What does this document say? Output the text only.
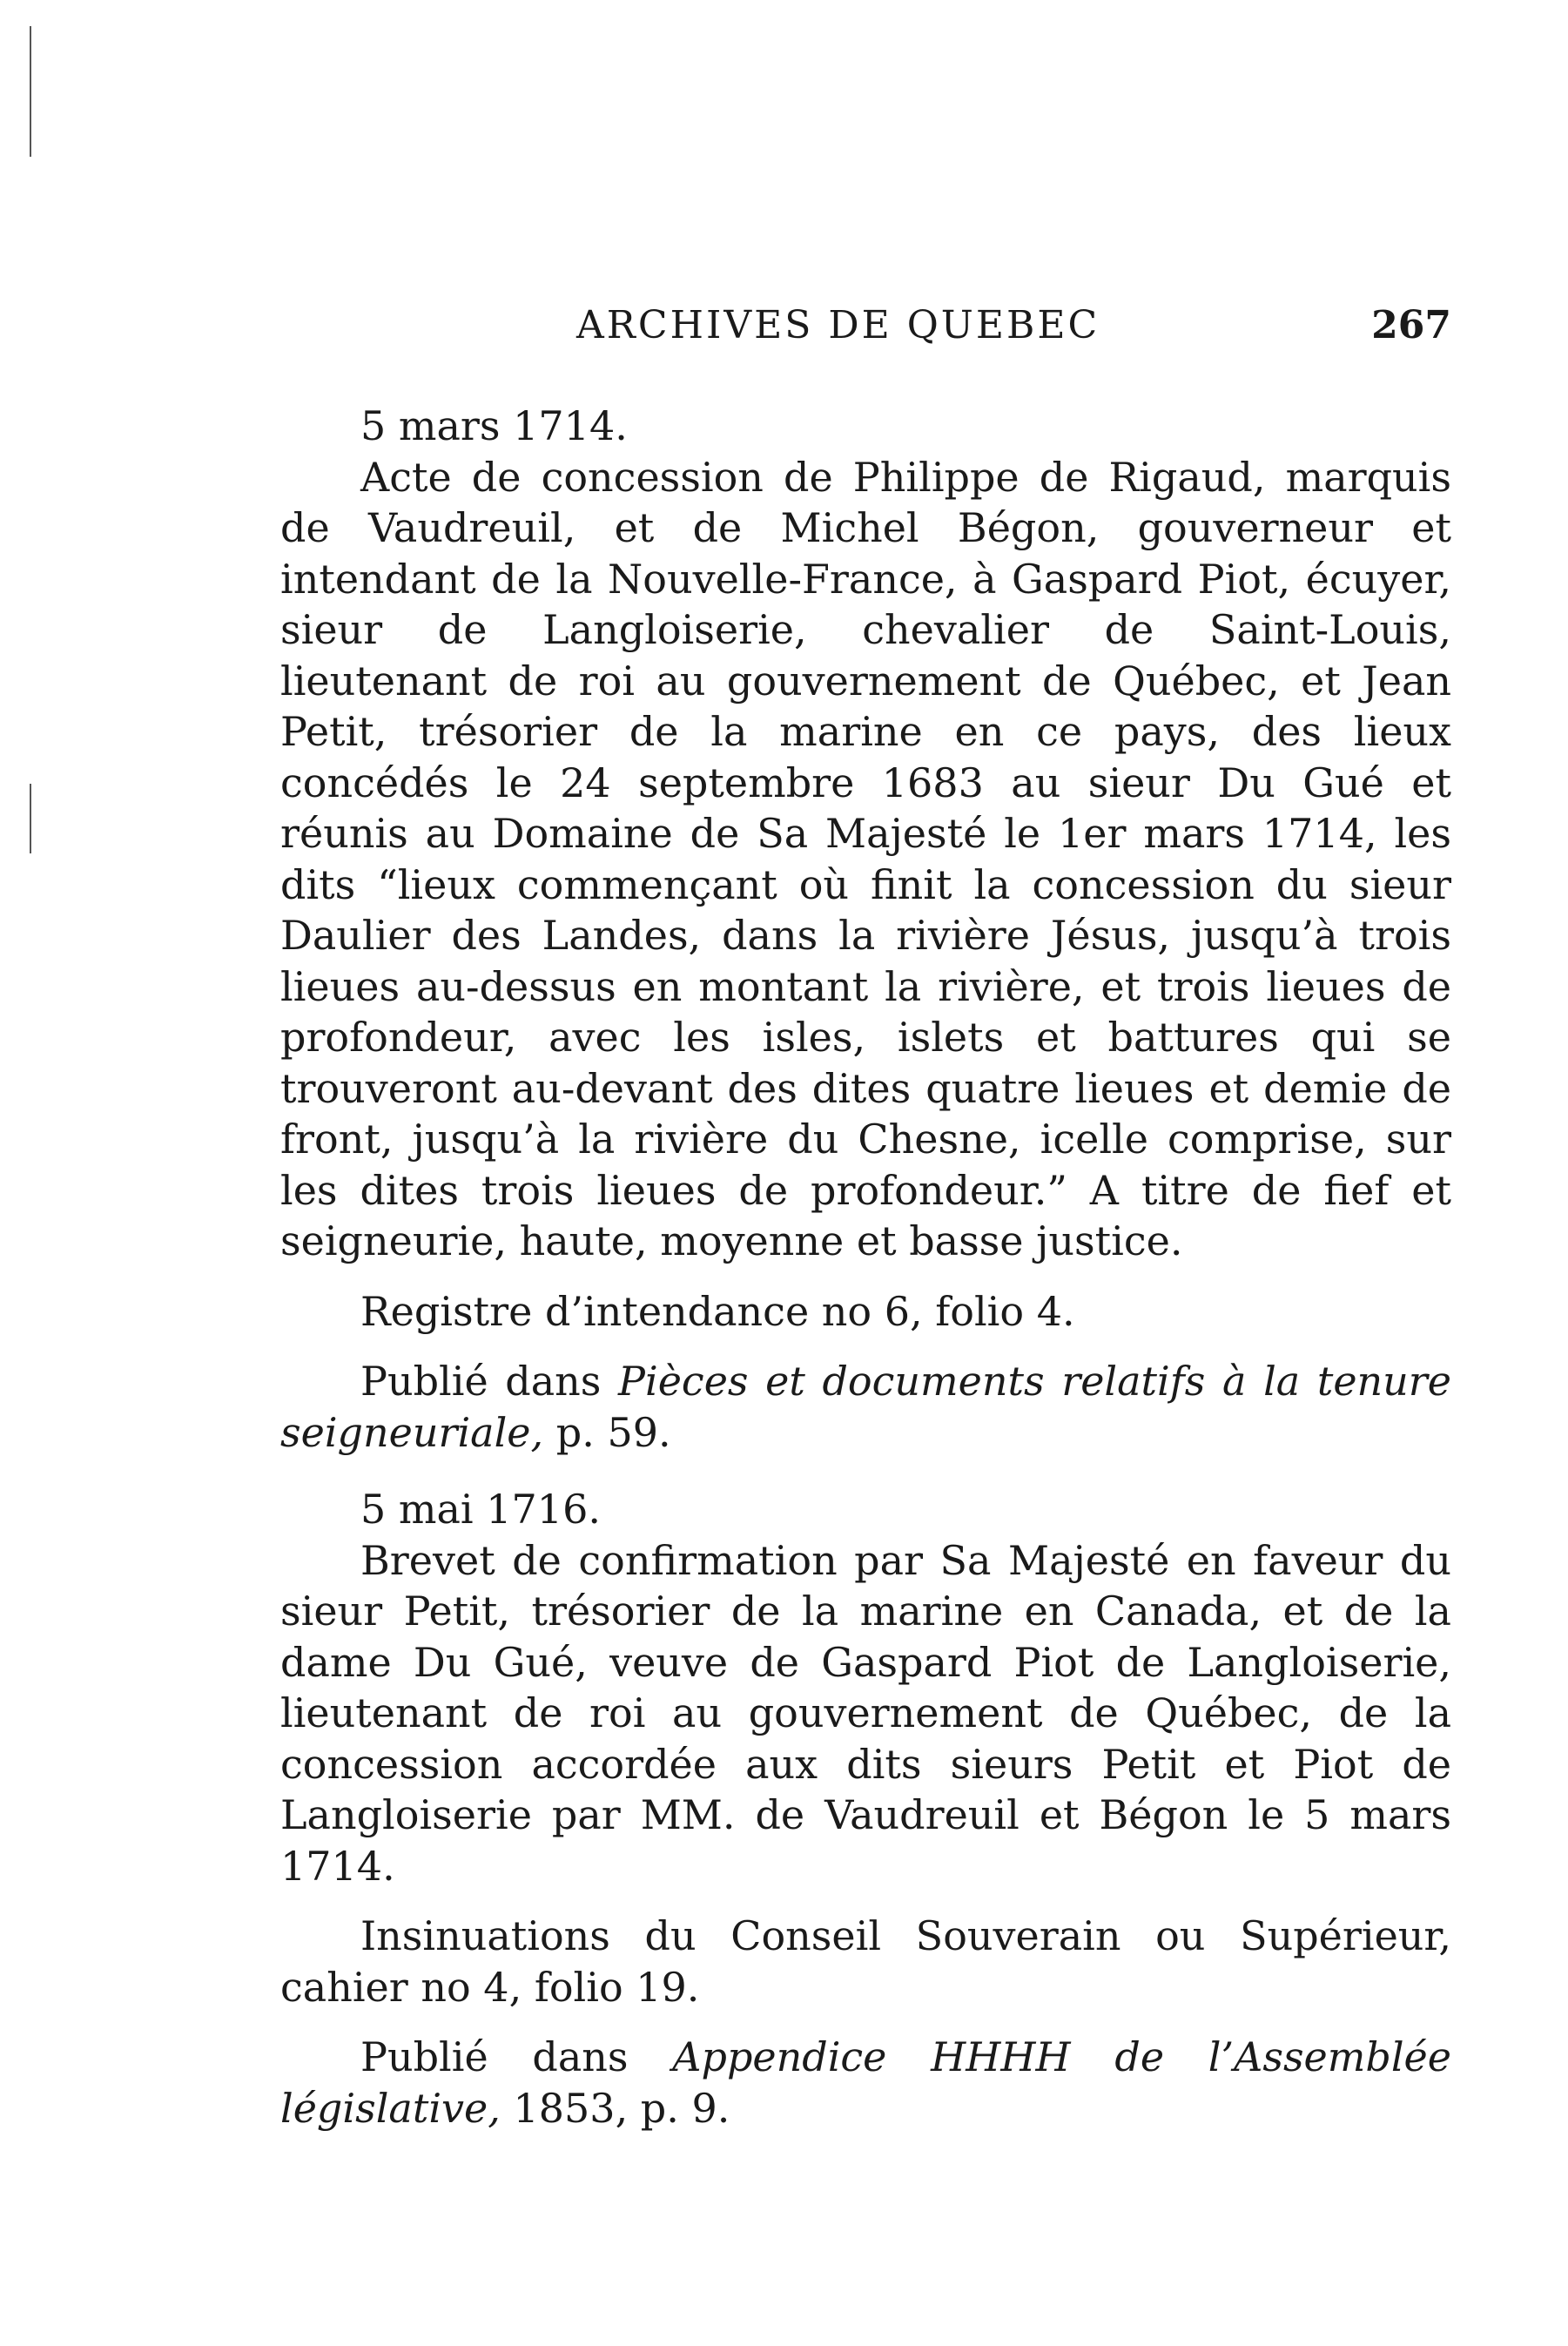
ARCHIVES DE QUEBEC	267

5 mars 1714.

Acte de concession de Philippe de Rigaud, marquis de Vaudreuil, et de Michel Bégon, gouverneur et intendant de la Nouvelle-France, à Gaspard Piot, écuyer, sieur de Langloiserie, chevalier de Saint-Louis, lieutenant de roi au gouvernement de Québec, et Jean Petit, trésorier de la marine en ce pays, des lieux concédés le 24 septembre 1683 au sieur Du Gué et réunis au Domaine de Sa Majesté le 1er mars 1714, les dits “lieux commençant où finit la concession du sieur Daulier des Landes, dans la rivière Jésus, jusqu’à trois lieues au-dessus en montant la rivière, et trois lieues de profondeur, avec les isles, islets et battures qui se trouveront au-devant des dites quatre lieues et demie de front, jusqu’à la rivière du Chesne, icelle comprise, sur les dites trois lieues de profondeur.” A titre de fief et seigneurie, haute, moyenne et basse justice.

Registre d’intendance no 6, folio 4.

Publié dans Pièces et documents relatifs à la tenure seigneuriale, p. 59.

5 mai 1716.

Brevet de confirmation par Sa Majesté en faveur du sieur Petit, trésorier de la marine en Canada, et de la dame Du Gué, veuve de Gaspard Piot de Langloiserie, lieutenant de roi au gouvernement de Québec, de la concession accordée aux dits sieurs Petit et Piot de Langloiserie par MM. de Vaudreuil et Bégon le 5 mars 1714.

Insinuations du Conseil Souverain ou Supérieur, cahier no 4, folio 19.

Publié dans Appendice HHHH de l’Assemblée législative, 1853, p. 9.
